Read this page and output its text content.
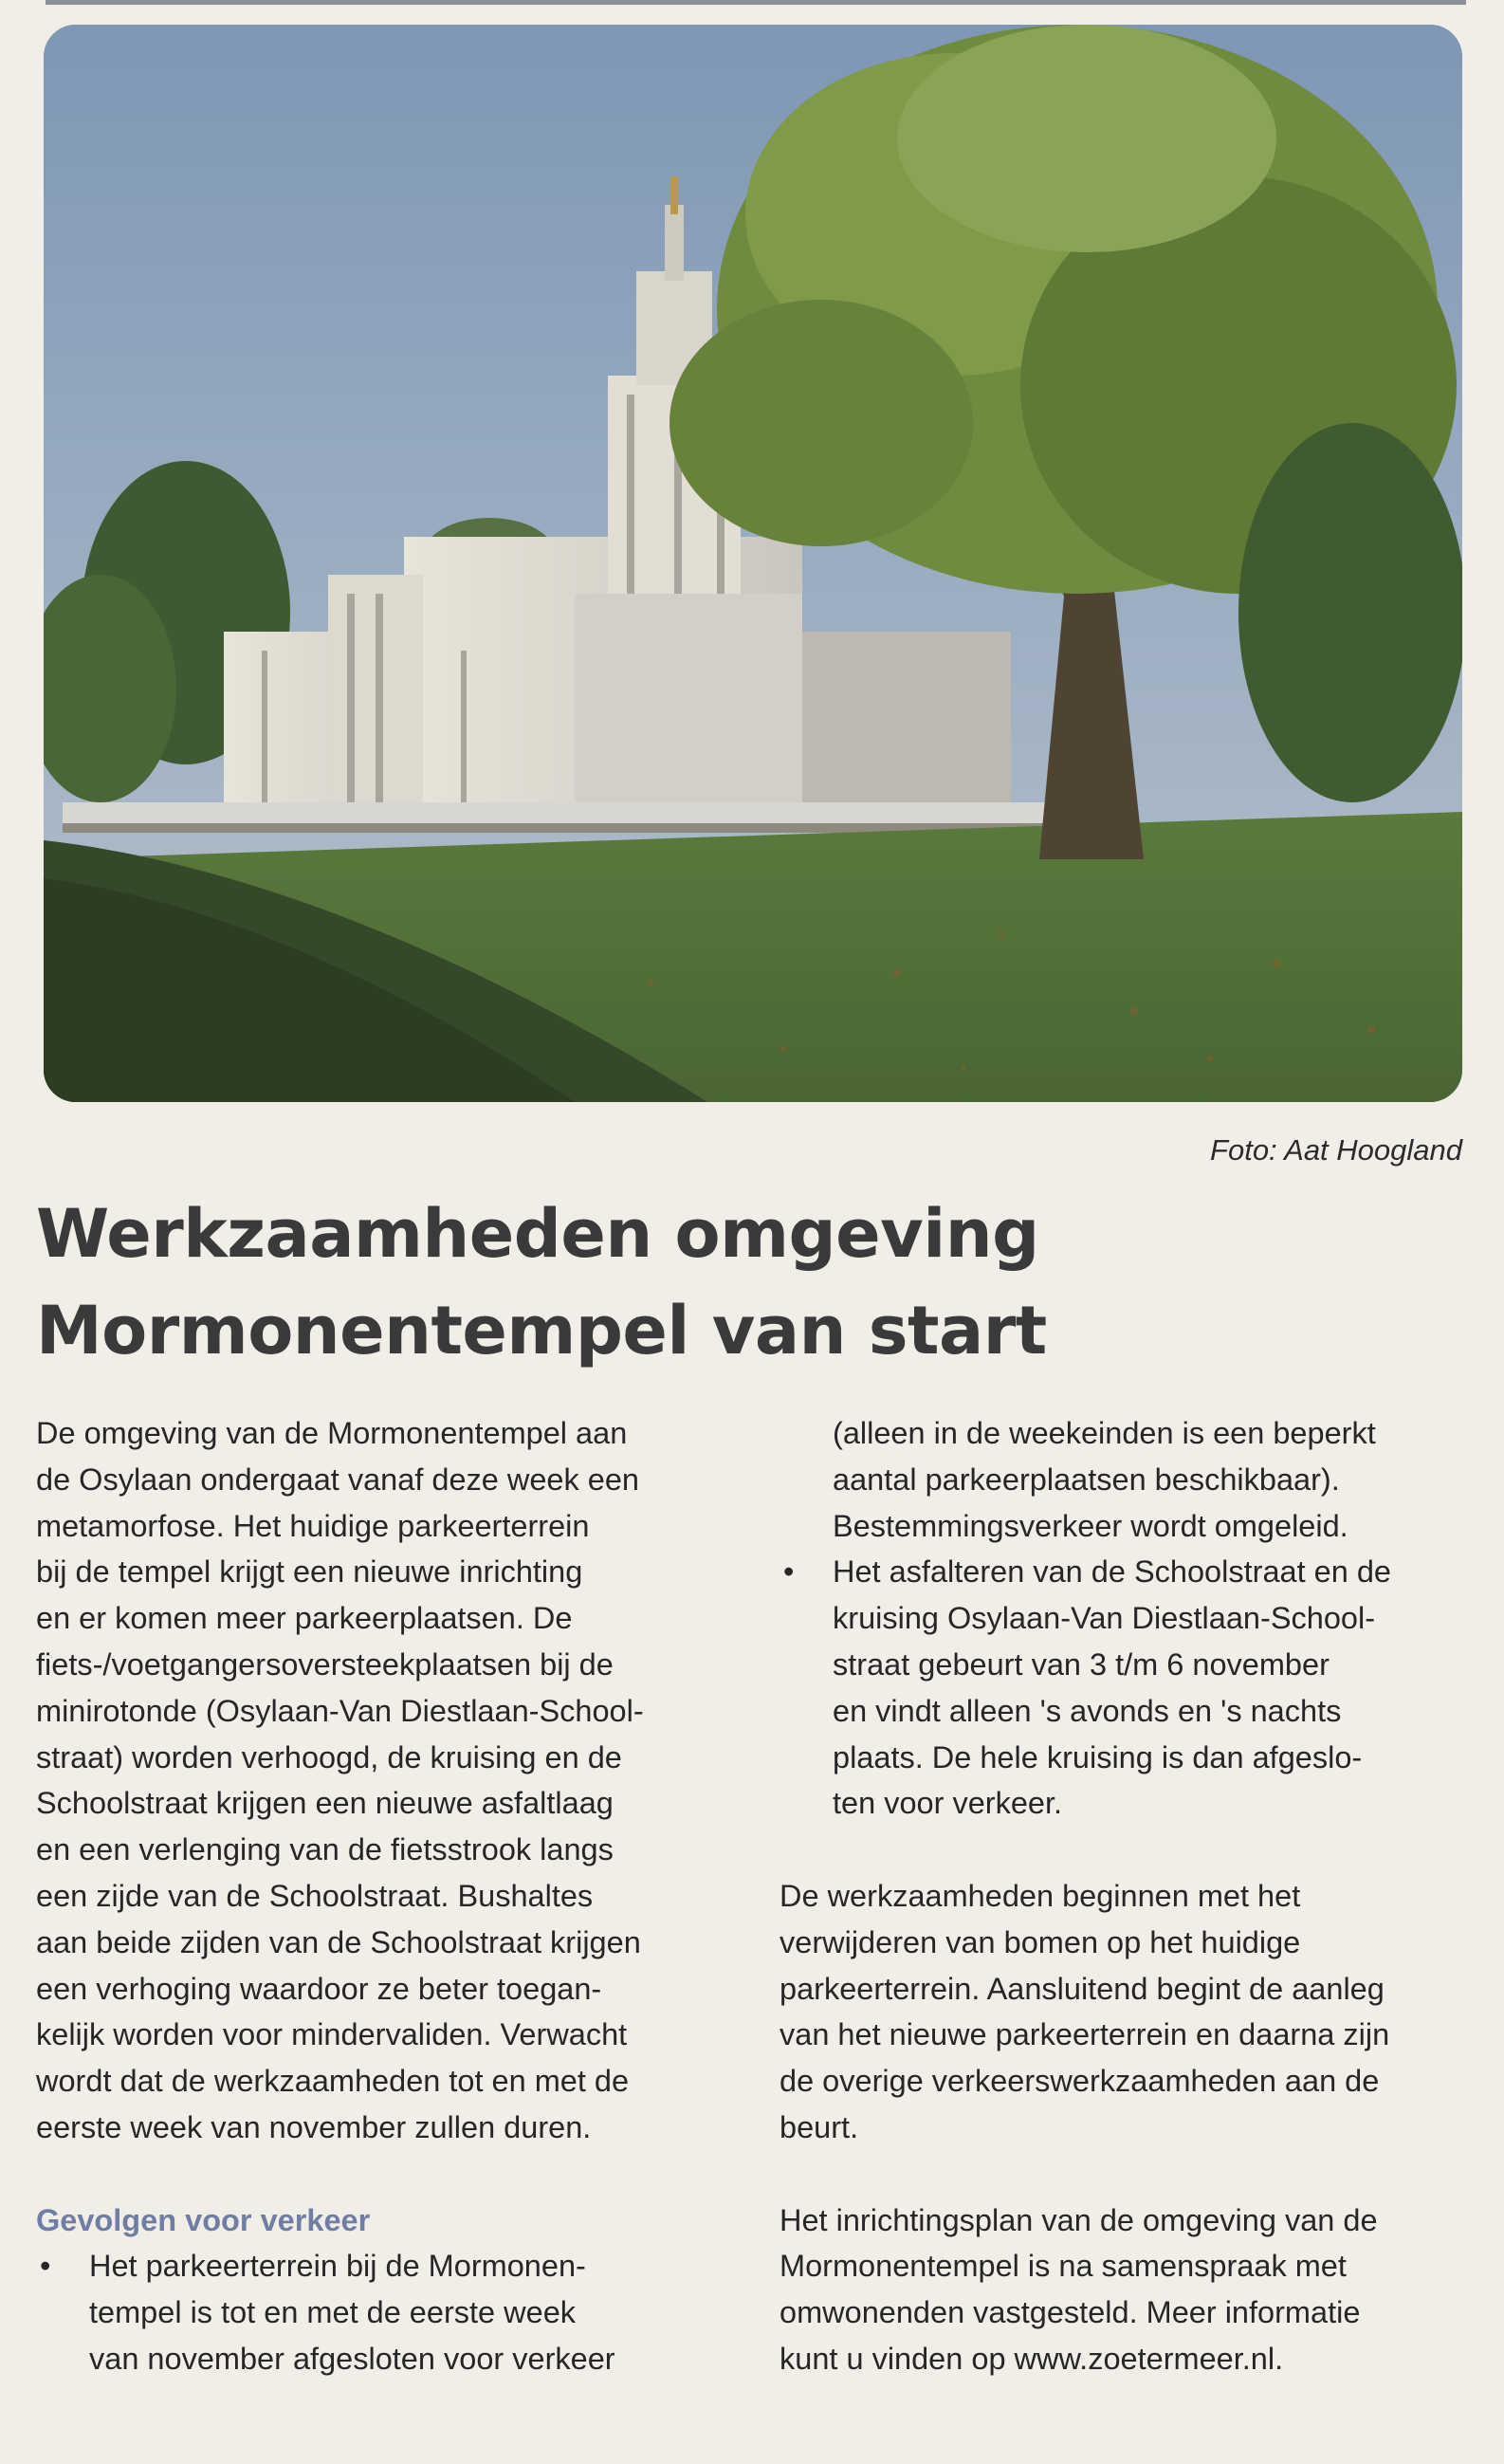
Foto: Aat Hoogland
Werkzaamheden omgeving
Mormonentempel van start

De omgeving van de Mormonentempel aan
de Osylaan ondergaat vanaf deze week een
metamorfose. Het huidige parkeerterrein
bij de tempel krijgt een nieuwe inrichting
en er komen meer parkeerplaatsen. De
fiets-/voetgangersoversteekplaatsen bij de
minirotonde (Osylaan-Van Diestlaan-School-
straat) worden verhoogd, de kruising en de
Schoolstraat krijgen een nieuwe asfaltlaag
en een verlenging van de fietsstrook langs
een zijde van de Schoolstraat. Bushaltes
aan beide zijden van de Schoolstraat krijgen
een verhoging waardoor ze beter toegan-
kelijk worden voor mindervaliden. Verwacht
wordt dat de werkzaamheden tot en met de
eerste week van november zullen duren.

Gevolgen voor verkeer

• Het parkeerterrein bij de Mormonen-
tempel is tot en met de eerste week
van november afgesloten voor verkeer

(alleen in de weekeinden is een beperkt
aantal parkeerplaatsen beschikbaar).
Bestemmingsverkeer wordt omgeleid.

• Het asfalteren van de Schoolstraat en de
kruising Osylaan-Van Diestlaan-School-
straat gebeurt van 3 t/m 6 november
en vindt alleen 's avonds en 's nachts
plaats. De hele kruising is dan afgeslo-
ten voor verkeer.

De werkzaamheden beginnen met het
verwijderen van bomen op het huidige
parkeerterrein. Aansluitend begint de aanleg
van het nieuwe parkeerterrein en daarna zijn
de overige verkeerswerkzaamheden aan de
beurt.

Het inrichtingsplan van de omgeving van de
Mormonentempel is na samenspraak met
omwonenden vastgesteld. Meer informatie
kunt u vinden op www.zoetermeer.nl.
